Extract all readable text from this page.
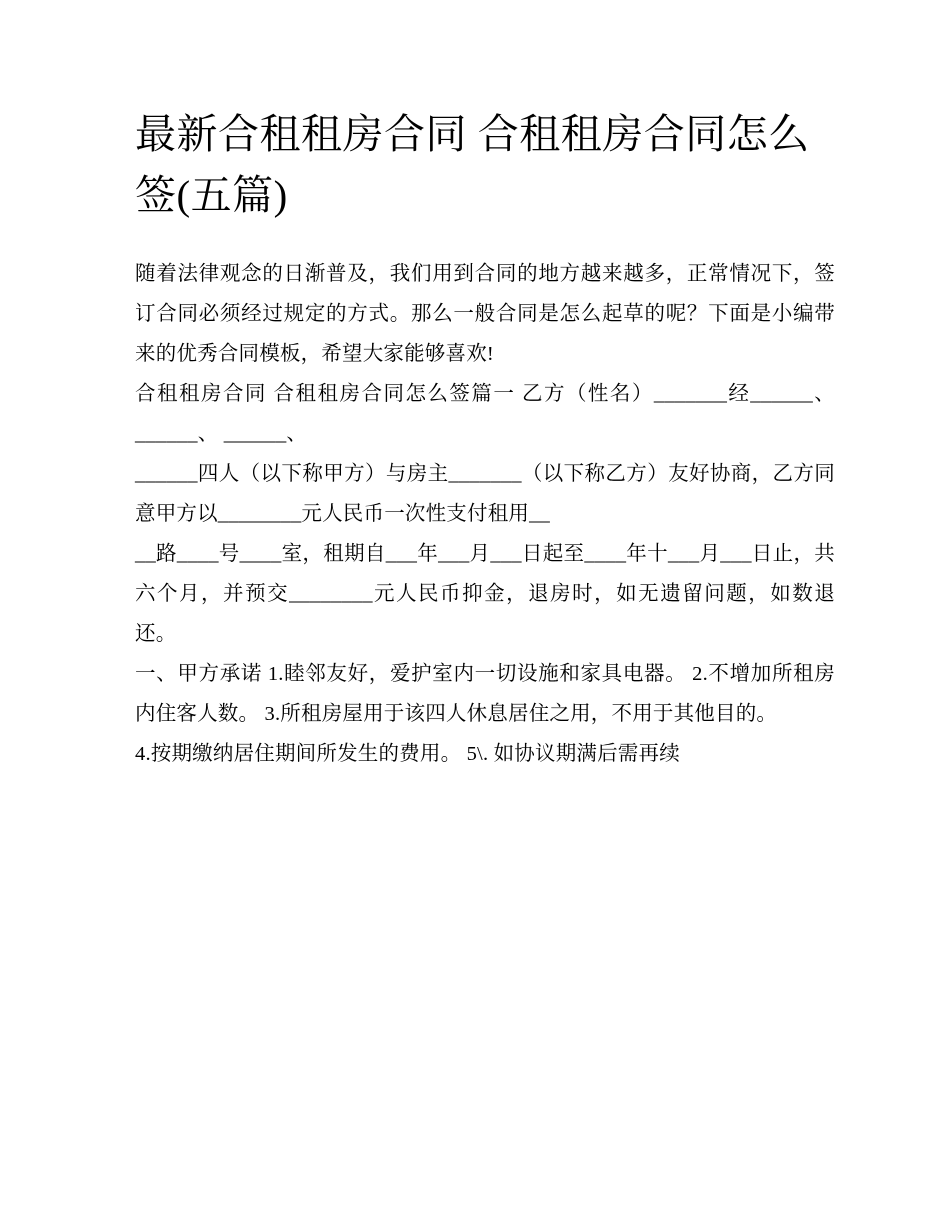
最新合租租房合同 合租租房合同怎么签(五篇)

随着法律观念的日渐普及，我们用到合同的地方越来越多，正常情况下，签订合同必须经过规定的方式。那么一般合同是怎么起草的呢？下面是小编带来的优秀合同模板，希望大家能够喜欢!

合租租房合同 合租租房合同怎么签篇一 乙方（性名）_______经______、 ______、 ______、

______四人（以下称甲方）与房主_______（以下称乙方）友好协商，乙方同意甲方以________元人民币一次性支付租用__

__路____号____室，租期自___年___月___日起至____年十___月___日止，共六个月，并预交________元人民币抑金，退房时，如无遗留问题，如数退还。

一、甲方承诺 1.睦邻友好，爱护室内一切设施和家具电器。 2.不增加所租房内住客人数。 3.所租房屋用于该四人休息居住之用，不用于其他目的。

4.按期缴纳居住期间所发生的费用。 5\. 如协议期满后需再续
